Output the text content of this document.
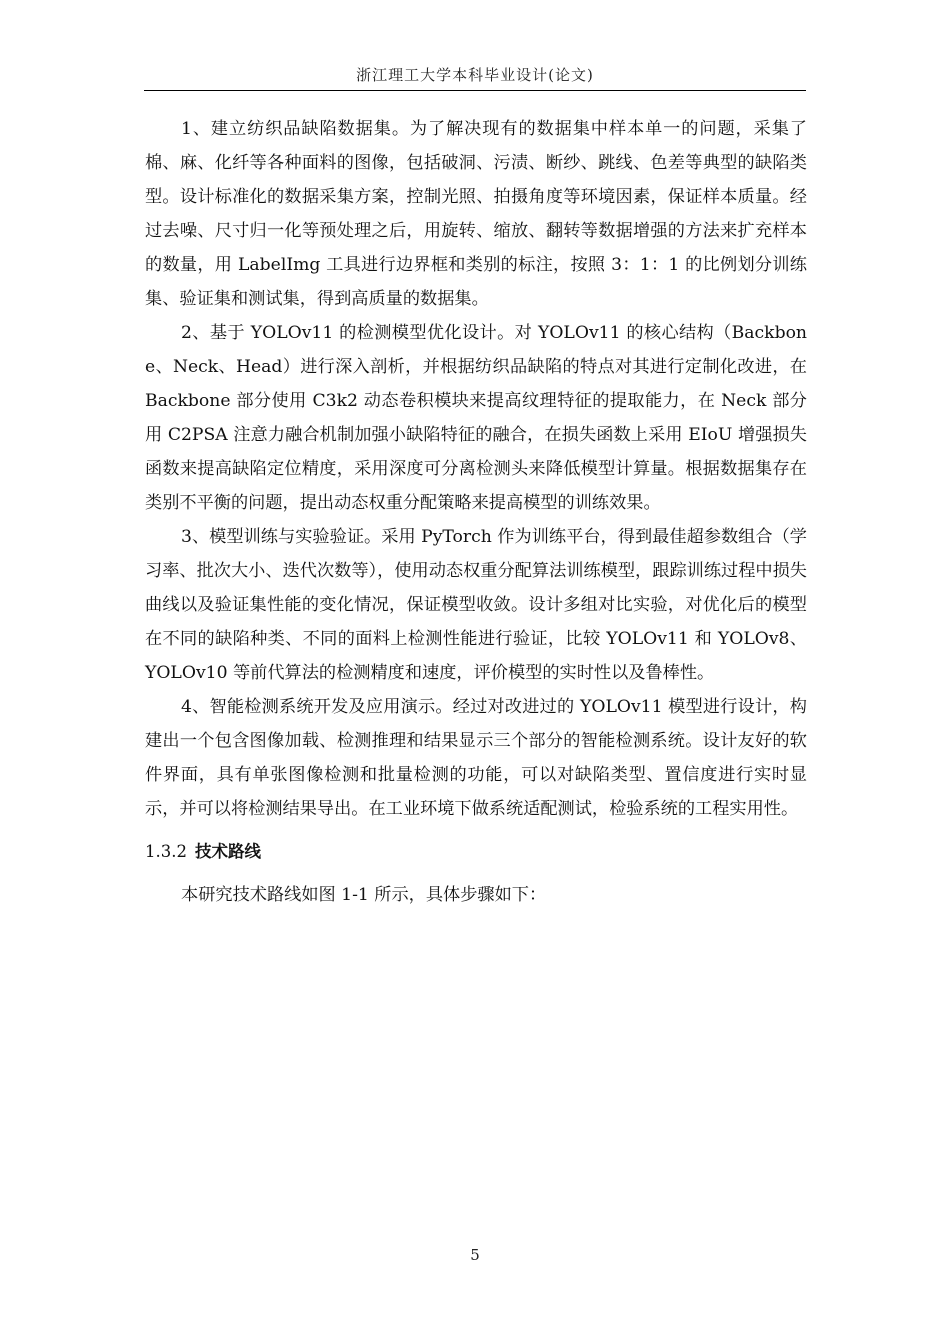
浙江理工大学本科毕业设计(论文)

1、建立纺织品缺陷数据集。为了解决现有的数据集中样本单一的问题，采集了棉、麻、化纤等各种面料的图像，包括破洞、污渍、断纱、跳线、色差等典型的缺陷类型。设计标准化的数据采集方案，控制光照、拍摄角度等环境因素，保证样本质量。经过去噪、尺寸归一化等预处理之后，用旋转、缩放、翻转等数据增强的方法来扩充样本的数量，用 LabelImg 工具进行边界框和类别的标注，按照 3：1：1 的比例划分训练集、验证集和测试集，得到高质量的数据集。

2、基于 YOLOv11 的检测模型优化设计。对 YOLOv11 的核心结构（Backbone、Neck、Head）进行深入剖析，并根据纺织品缺陷的特点对其进行定制化改进，在 Backbone 部分使用 C3k2 动态卷积模块来提高纹理特征的提取能力，在 Neck 部分用 C2PSA 注意力融合机制加强小缺陷特征的融合，在损失函数上采用 EIoU 增强损失函数来提高缺陷定位精度，采用深度可分离检测头来降低模型计算量。根据数据集存在类别不平衡的问题，提出动态权重分配策略来提高模型的训练效果。

3、模型训练与实验验证。采用 PyTorch 作为训练平台，得到最佳超参数组合（学习率、批次大小、迭代次数等），使用动态权重分配算法训练模型，跟踪训练过程中损失曲线以及验证集性能的变化情况，保证模型收敛。设计多组对比实验，对优化后的模型在不同的缺陷种类、不同的面料上检测性能进行验证，比较 YOLOv11 和 YOLOv8、YOLOv10 等前代算法的检测精度和速度，评价模型的实时性以及鲁棒性。

4、智能检测系统开发及应用演示。经过对改进过的 YOLOv11 模型进行设计，构建出一个包含图像加载、检测推理和结果显示三个部分的智能检测系统。设计友好的软件界面，具有单张图像检测和批量检测的功能，可以对缺陷类型、置信度进行实时显示，并可以将检测结果导出。在工业环境下做系统适配测试，检验系统的工程实用性。

1.3.2 技术路线

本研究技术路线如图 1-1 所示，具体步骤如下：

5
